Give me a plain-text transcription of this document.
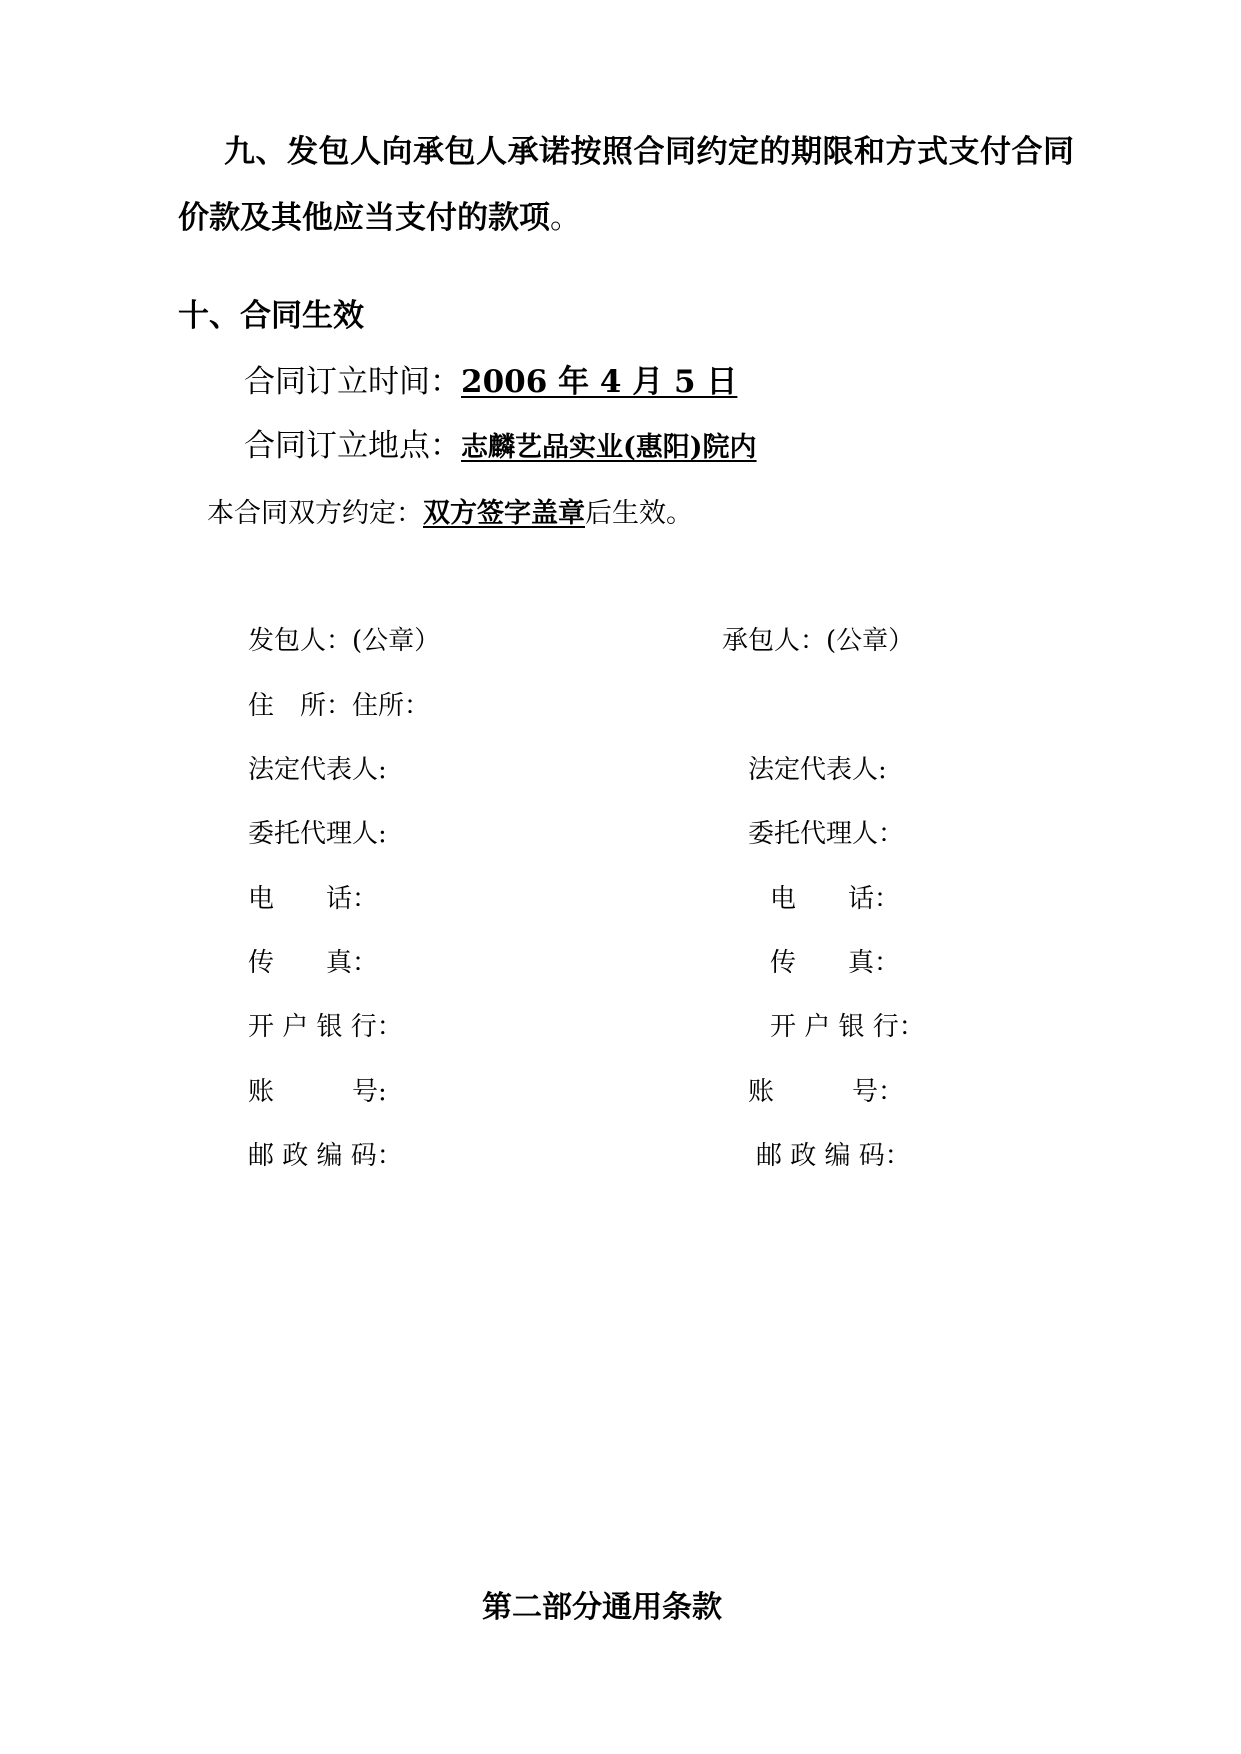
九、发包人向承包人承诺按照合同约定的期限和方式支付合同
价款及其他应当支付的款项。
十、合同生效
合同订立时间：2006 年 4 月 5 日
合同订立地点：志麟艺品实业(惠阳)院内
本合同双方约定：双方签字盖章后生效。
发包人：(公章）
住　所：住所：
法定代表人:
委托代理人:
电　　话：
传　　真：
开 户 银 行：
账　　　号:
邮 政 编 码：
承包人：(公章）
法定代表人:
委托代理人：
电　　话：
传　　真：
开 户 银 行：
账　　　号：
邮 政 编 码：
第二部分通用条款
